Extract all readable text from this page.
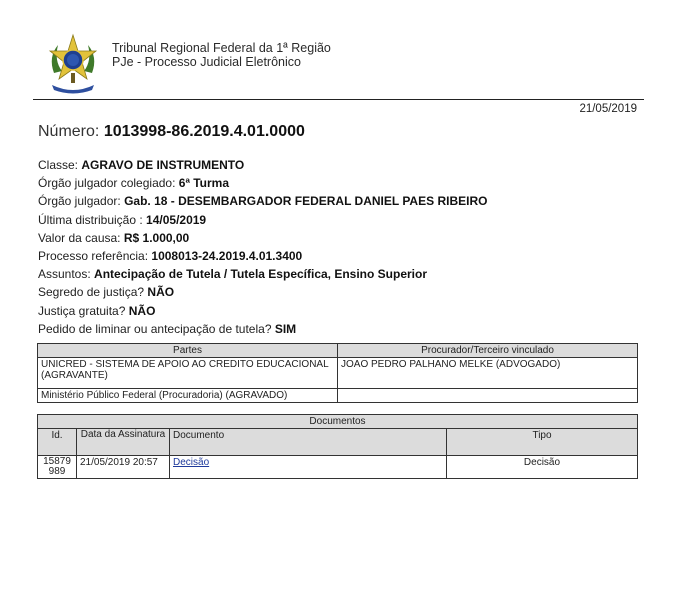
Tribunal Regional Federal da 1ª Região
PJe - Processo Judicial Eletrônico
21/05/2019
Número: 1013998-86.2019.4.01.0000
Classe: AGRAVO DE INSTRUMENTO
Órgão julgador colegiado: 6ª Turma
Órgão julgador: Gab. 18 - DESEMBARGADOR FEDERAL DANIEL PAES RIBEIRO
Última distribuição : 14/05/2019
Valor da causa: R$ 1.000,00
Processo referência: 1008013-24.2019.4.01.3400
Assuntos: Antecipação de Tutela / Tutela Específica, Ensino Superior
Segredo de justiça? NÃO
Justiça gratuita? NÃO
Pedido de liminar ou antecipação de tutela? SIM
Partes	Procurador/Terceiro vinculado
UNICRED - SISTEMA DE APOIO AO CREDITO EDUCACIONAL (AGRAVANTE)	JOAO PEDRO PALHANO MELKE (ADVOGADO)
Ministério Público Federal (Procuradoria) (AGRAVADO)	
Documentos			
Id.	Data da Assinatura	Documento	Tipo
15879989	21/05/2019 20:57	Decisão	Decisão
